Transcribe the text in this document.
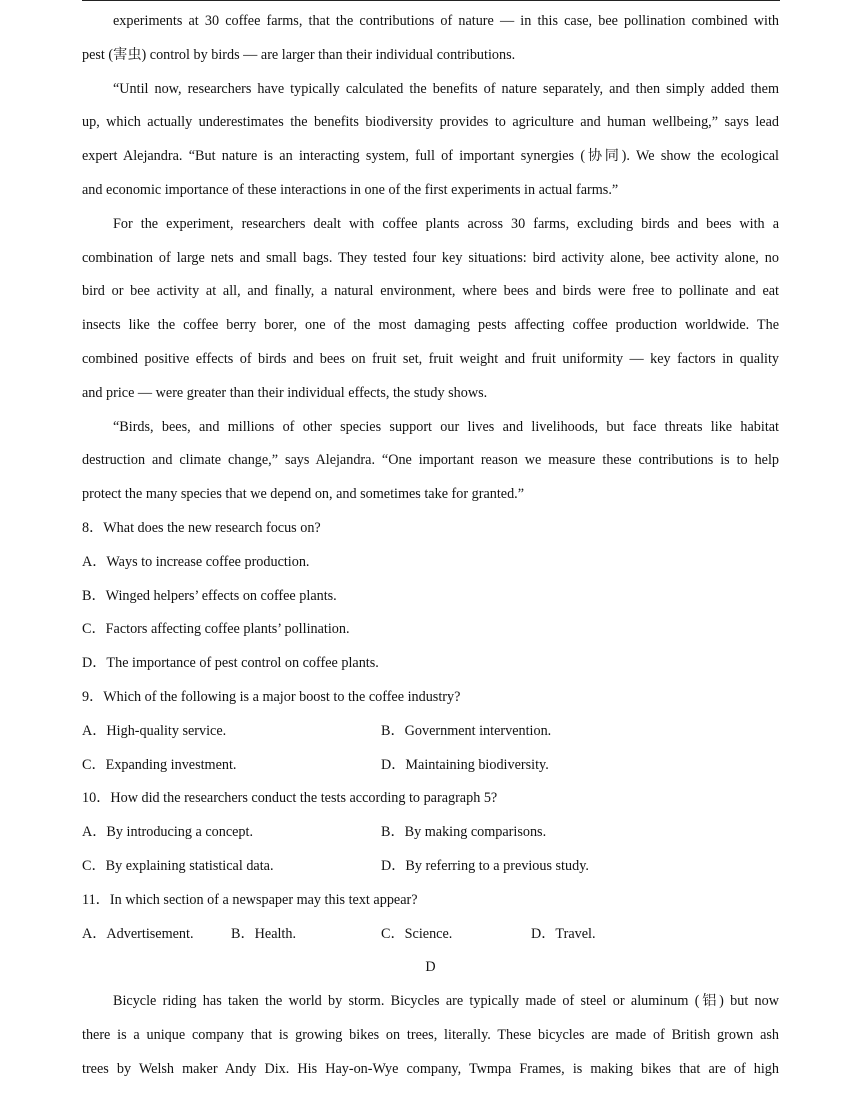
experiments at 30 coffee farms, that the contributions of nature — in this case, bee pollination combined with
pest (害虫) control by birds — are larger than their individual contributions.
“Until now, researchers have typically calculated the benefits of nature separately, and then simply added them
up, which actually underestimates the benefits biodiversity provides to agriculture and human wellbeing,” says lead
expert Alejandra. “But nature is an interacting system, full of important synergies (协同). We show the ecological
and economic importance of these interactions in one of the first experiments in actual farms.”
For the experiment, researchers dealt with coffee plants across 30 farms, excluding birds and bees with a
combination of large nets and small bags. They tested four key situations: bird activity alone, bee activity alone, no
bird or bee activity at all, and finally, a natural environment, where bees and birds were free to pollinate and eat
insects like the coffee berry borer, one of the most damaging pests affecting coffee production worldwide. The
combined positive effects of birds and bees on fruit set, fruit weight and fruit uniformity — key factors in quality
and price — were greater than their individual effects, the study shows.
“Birds, bees, and millions of other species support our lives and livelihoods, but face threats like habitat
destruction and climate change,” says Alejandra. “One important reason we measure these contributions is to help
protect the many species that we depend on, and sometimes take for granted.”
8．What does the new research focus on?
A．Ways to increase coffee production.
B．Winged helpers’ effects on coffee plants.
C．Factors affecting coffee plants’ pollination.
D．The importance of pest control on coffee plants.
9．Which of the following is a major boost to the coffee industry?
A．High-quality service.	B．Government intervention.
C．Expanding investment.	D．Maintaining biodiversity.
10．How did the researchers conduct the tests according to paragraph 5?
A．By introducing a concept.	B．By making comparisons.
C．By explaining statistical data.	D．By referring to a previous study.
11．In which section of a newspaper may this text appear?
A．Advertisement.	B．Health.	C．Science.	D．Travel.
D
Bicycle riding has taken the world by storm. Bicycles are typically made of steel or aluminum (铝) but now
there is a unique company that is growing bikes on trees, literally. These bicycles are made of British grown ash
trees by Welsh maker Andy Dix. His Hay-on-Wye company, Twmpa Frames, is making bikes that are of high
